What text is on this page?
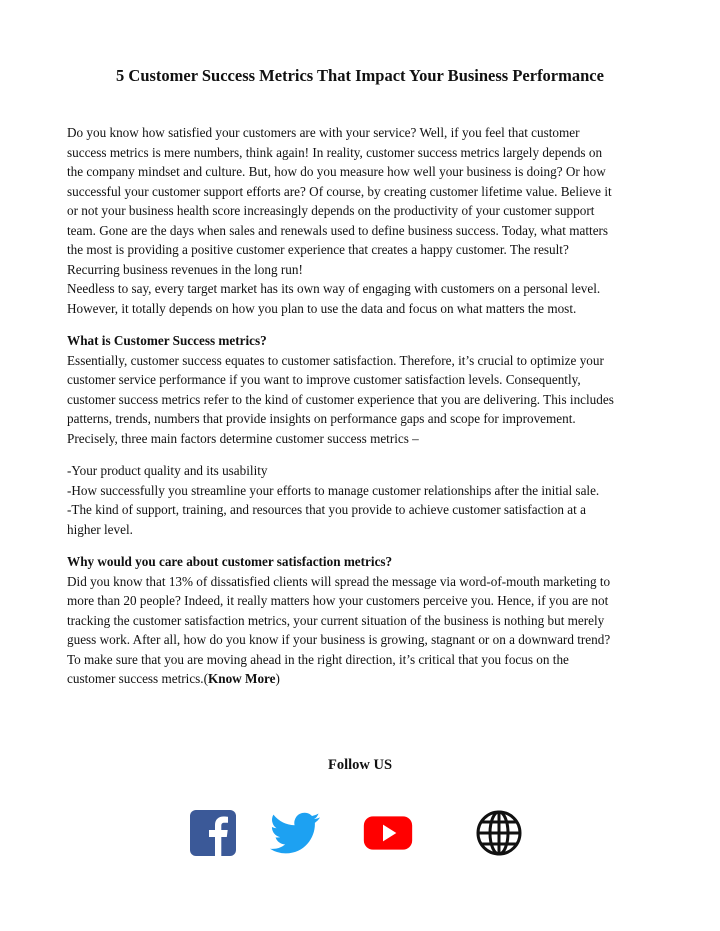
5 Customer Success Metrics That Impact Your Business Performance
Do you know how satisfied your customers are with your service? Well, if you feel that customer
success metrics is mere numbers, think again! In reality, customer success metrics largely depends on
the company mindset and culture. But, how do you measure how well your business is doing? Or how
successful your customer support efforts are? Of course, by creating customer lifetime value. Believe it
or not your business health score increasingly depends on the productivity of your customer support
team. Gone are the days when sales and renewals used to define business success. Today, what matters
the most is providing a positive customer experience that creates a happy customer. The result?
Recurring business revenues in the long run!
Needless to say, every target market has its own way of engaging with customers on a personal level.
However, it totally depends on how you plan to use the data and focus on what matters the most.
What is Customer Success metrics?
Essentially, customer success equates to customer satisfaction. Therefore, it’s crucial to optimize your
customer service performance if you want to improve customer satisfaction levels. Consequently,
customer success metrics refer to the kind of customer experience that you are delivering. This includes
patterns, trends, numbers that provide insights on performance gaps and scope for improvement.
Precisely, three main factors determine customer success metrics –
-Your product quality and its usability
-How successfully you streamline your efforts to manage customer relationships after the initial sale.
-The kind of support, training, and resources that you provide to achieve customer satisfaction at a
higher level.
Why would you care about customer satisfaction metrics?
Did you know that 13% of dissatisfied clients will spread the message via word-of-mouth marketing to
more than 20 people? Indeed, it really matters how your customers perceive you. Hence, if you are not
tracking the customer satisfaction metrics, your current situation of the business is nothing but merely
guess work. After all, how do you know if your business is growing, stagnant or on a downward trend?
To make sure that you are moving ahead in the right direction, it’s critical that you focus on the
customer success metrics.(Know More)
Follow US
